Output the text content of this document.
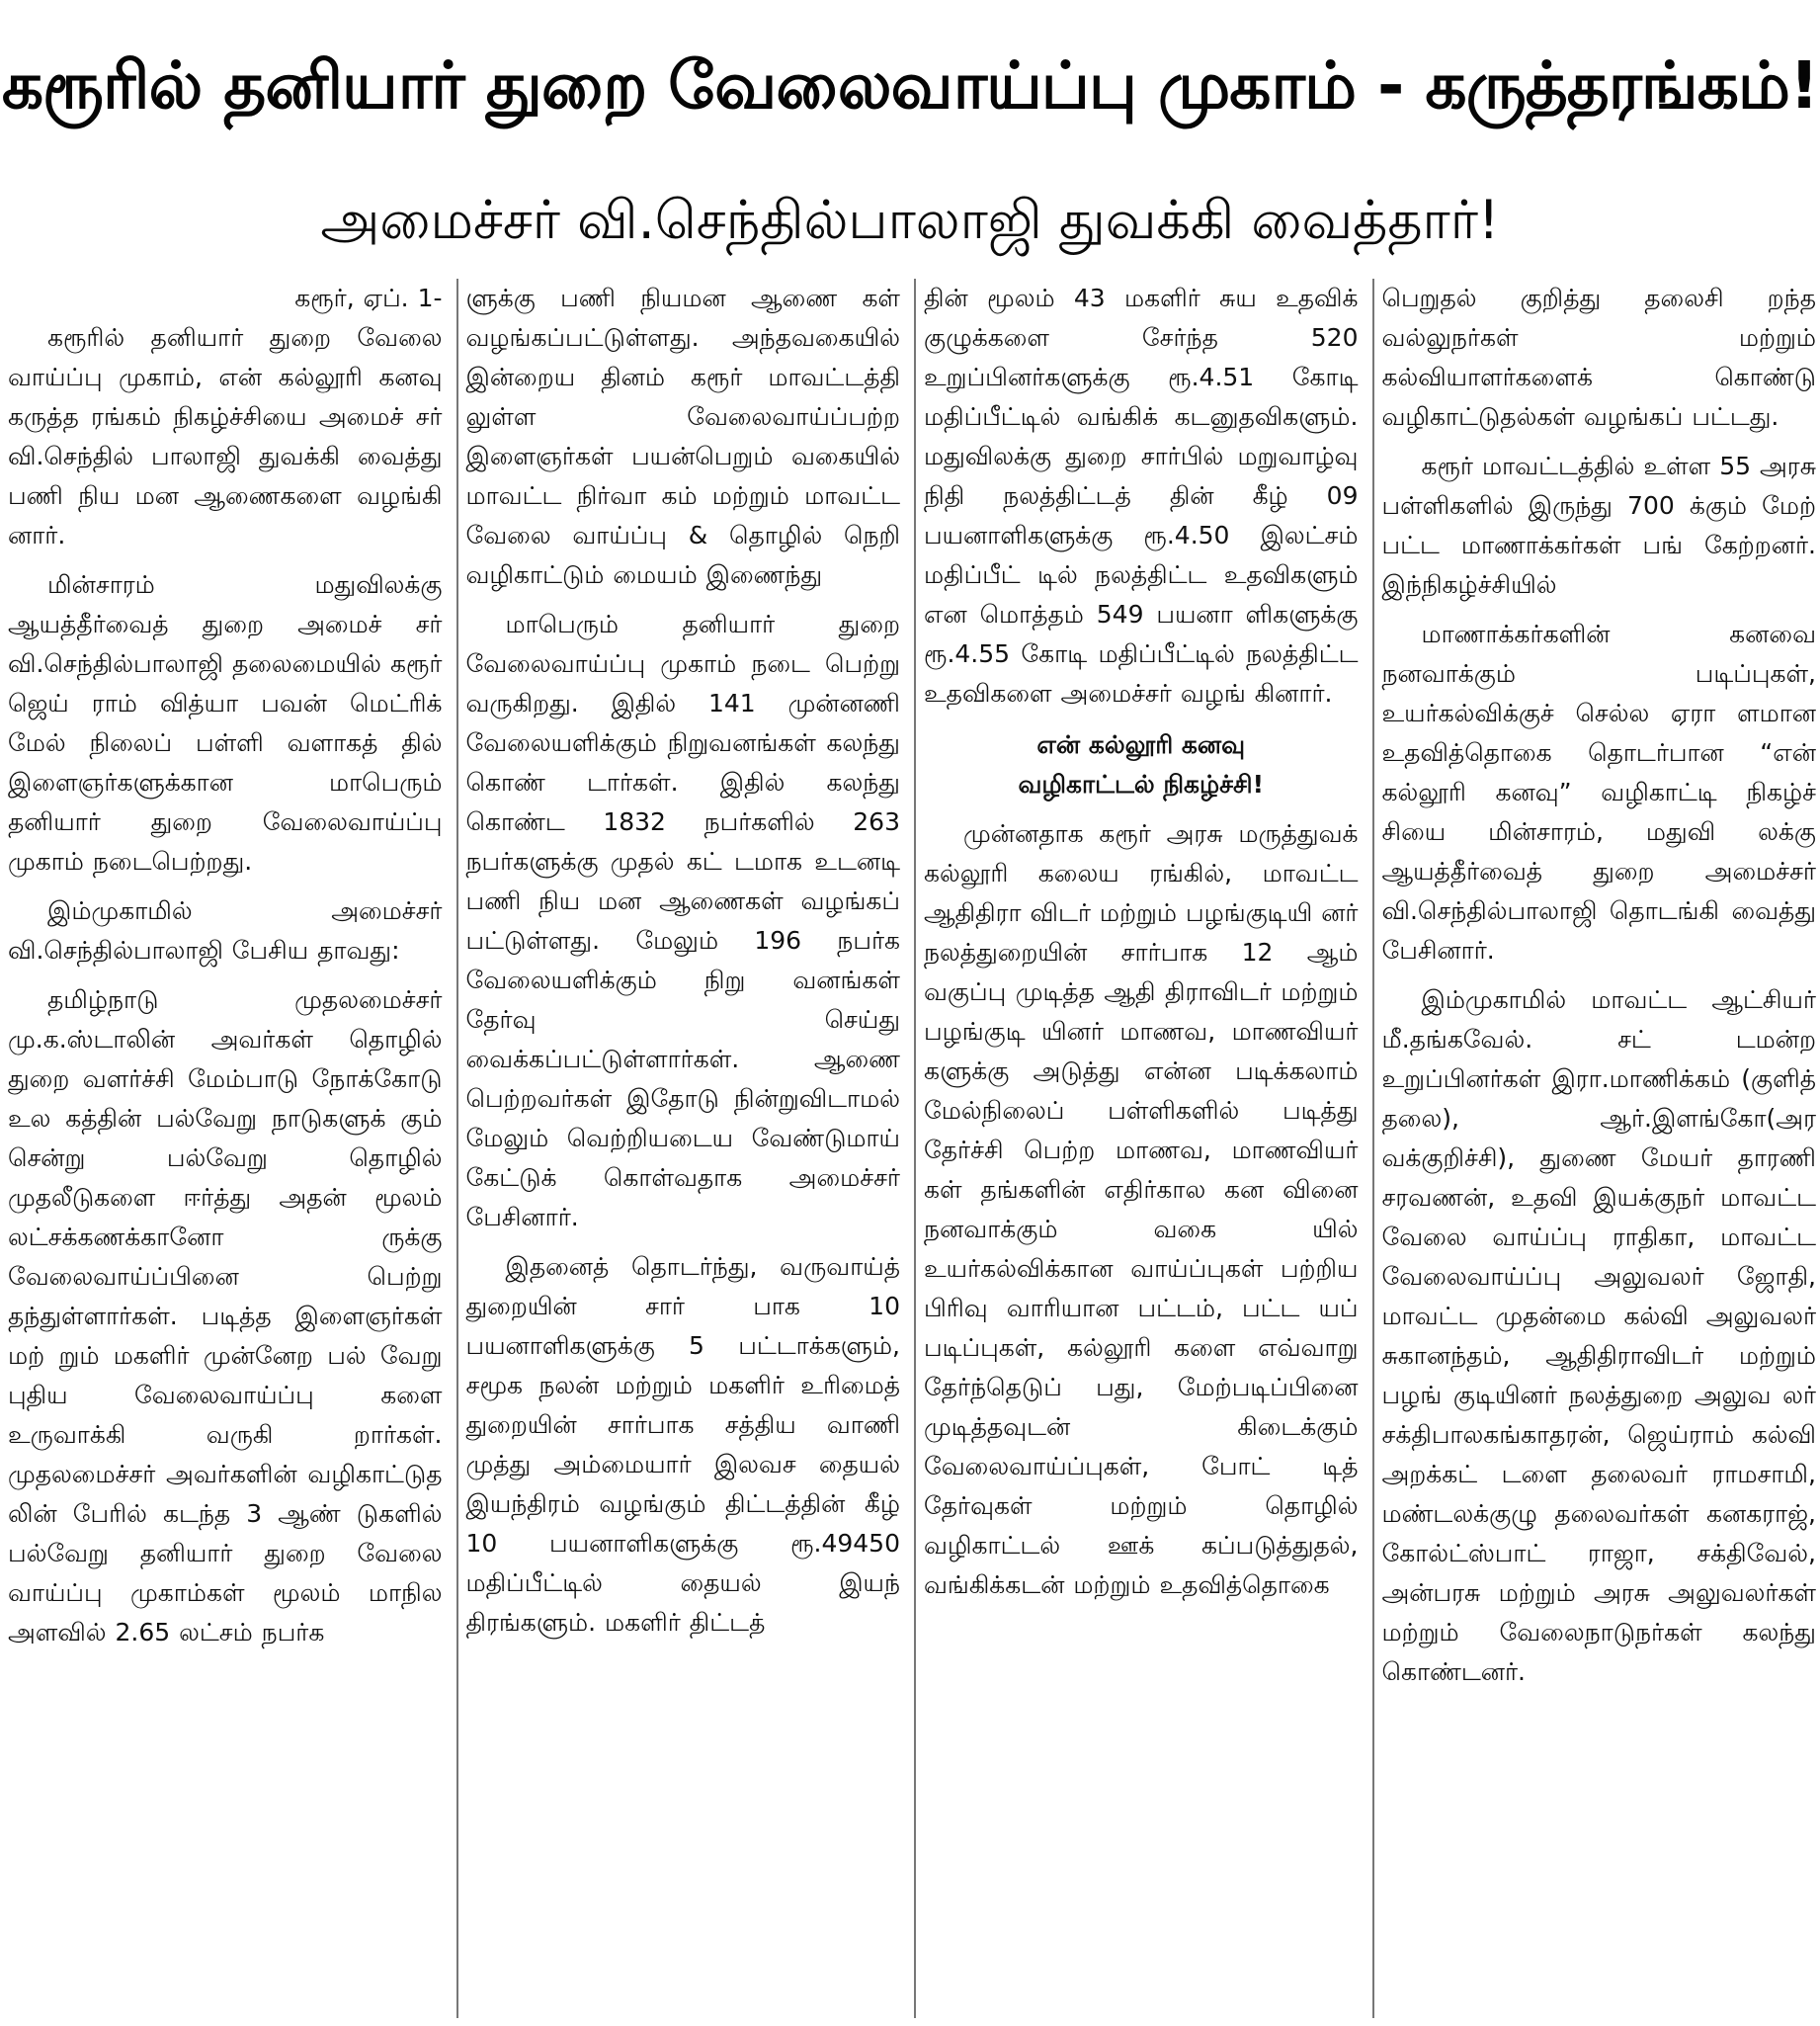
கரூரில் தனியார் துறை வேலைவாய்ப்பு முகாம் - கருத்தரங்கம்!
அமைச்சர் வி.செந்தில்பாலாஜி துவக்கி வைத்தார்!

கரூர், ஏப். 1-

கரூரில் தனியார் துறை வேலை வாய்ப்பு முகாம், என் கல்லூரி கனவு கருத்த ரங்கம் நிகழ்ச்சியை அமைச் சர் வி.செந்தில் பாலாஜி துவக்கி வைத்து பணி நிய மன ஆணைகளை வழங்கி னார்.

மின்சாரம் மதுவிலக்கு ஆயத்தீர்வைத் துறை அமைச் சர் வி.செந்தில்பாலாஜி தலைமையில் கரூர் ஜெய் ராம் வித்யா பவன் மெட்ரிக் மேல் நிலைப் பள்ளி வளாகத் தில் இளைஞர்களுக்கான மாபெரும் தனியார் துறை வேலைவாய்ப்பு முகாம் நடைபெற்றது.

இம்முகாமில் அமைச்சர் வி.செந்தில்பாலாஜி பேசிய தாவது:

தமிழ்நாடு முதலமைச்சர் மு.க.ஸ்டாலின் அவர்கள் தொழில் துறை வளர்ச்சி மேம்பாடு நோக்கோடு உல கத்தின் பல்வேறு நாடுகளுக் கும் சென்று பல்வேறு தொழில் முதலீடுகளை ஈர்த்து அதன் மூலம் லட்சக்கணக்கானோ ருக்கு வேலைவாய்ப்பினை பெற்று தந்துள்ளார்கள். படித்த இளைஞர்கள் மற் றும் மகளிர் முன்னேற பல் வேறு புதிய வேலைவாய்ப்பு களை உருவாக்கி வருகி றார்கள். முதலமைச்சர் அவர்களின் வழிகாட்டுத லின் பேரில் கடந்த 3 ஆண் டுகளில் பல்வேறு தனியார் துறை வேலை வாய்ப்பு முகாம்கள் மூலம் மாநில அளவில் 2.65 லட்சம் நபர்க

ளுக்கு பணி நியமன ஆணை கள் வழங்கப்பட்டுள்ளது. அந்தவகையில் இன்றைய தினம் கரூர் மாவட்டத்தி லுள்ள வேலைவாய்ப்பற்ற இளைஞர்கள் பயன்பெறும் வகையில் மாவட்ட நிர்வா கம் மற்றும் மாவட்ட வேலை வாய்ப்பு & தொழில் நெறி வழிகாட்டும் மையம் இணைந்து

மாபெரும் தனியார் துறை வேலைவாய்ப்பு முகாம் நடை பெற்று வருகிறது. இதில் 141 முன்னணி வேலையளிக்கும் நிறுவனங்கள் கலந்து கொண் டார்கள். இதில் கலந்து கொண்ட 1832 நபர்களில் 263 நபர்களுக்கு முதல் கட் டமாக உடனடி பணி நிய மன ஆணைகள் வழங்கப் பட்டுள்ளது. மேலும் 196 நபர்க வேலையளிக்கும் நிறு வனங்கள் தேர்வு செய்து வைக்கப்பட்டுள்ளார்கள். ஆணை பெற்றவர்கள் இதோடு நின்றுவிடாமல் மேலும் வெற்றியடைய வேண்டுமாய் கேட்டுக் கொள்வதாக அமைச்சர் பேசினார்.

இதனைத் தொடர்ந்து, வருவாய்த் துறையின் சார் பாக 10 பயனாளிகளுக்கு 5 பட்டாக்களும், சமூக நலன் மற்றும் மகளிர் உரிமைத் துறையின் சார்பாக சத்திய வாணி முத்து அம்மையார் இலவச தையல் இயந்திரம் வழங்கும் திட்டத்தின் கீழ் 10 பயனாளிகளுக்கு ரூ.49450 மதிப்பீட்டில் தையல் இயந் திரங்களும். மகளிர் திட்டத்

தின் மூலம் 43 மகளிர் சுய உதவிக் குழுக்களை சேர்ந்த 520 உறுப்பினர்களுக்கு ரூ.4.51 கோடி மதிப்பீட்டில் வங்கிக் கடனுதவிகளும். மதுவிலக்கு துறை சார்பில் மறுவாழ்வு நிதி நலத்திட்டத் தின் கீழ் 09 பயனாளிகளுக்கு ரூ.4.50 இலட்சம் மதிப்பீட் டில் நலத்திட்ட உதவிகளும் என மொத்தம் 549 பயனா ளிகளுக்கு ரூ.4.55 கோடி மதிப்பீட்டில் நலத்திட்ட உதவிகளை அமைச்சர் வழங் கினார்.

என் கல்லூரி கனவு
வழிகாட்டல் நிகழ்ச்சி!

முன்னதாக கரூர் அரசு மருத்துவக் கல்லூரி கலைய ரங்கில், மாவட்ட ஆதிதிரா விடர் மற்றும் பழங்குடியி னர் நலத்துறையின் சார்பாக 12 ஆம் வகுப்பு முடித்த ஆதி திராவிடர் மற்றும் பழங்குடி யினர் மாணவ, மாணவியர் களுக்கு அடுத்து என்ன படிக்கலாம் மேல்நிலைப் பள்ளிகளில் படித்து தேர்ச்சி பெற்ற மாணவ, மாணவியர் கள் தங்களின் எதிர்கால கன வினை நனவாக்கும் வகை யில் உயர்கல்விக்கான வாய்ப்புகள் பற்றிய பிரிவு வாரியான பட்டம், பட்ட யப் படிப்புகள், கல்லூரி களை எவ்வாறு தேர்ந்தெடுப் பது, மேற்படிப்பினை முடித்தவுடன் கிடைக்கும் வேலைவாய்ப்புகள், போட் டித் தேர்வுகள் மற்றும் தொழில் வழிகாட்டல் ஊக் கப்படுத்துதல், வங்கிக்கடன் மற்றும் உதவித்தொகை

பெறுதல் குறித்து தலைசி றந்த வல்லுநர்கள் மற்றும் கல்வியாளர்களைக் கொண்டு வழிகாட்டுதல்கள் வழங்கப் பட்டது.

கரூர் மாவட்டத்தில் உள்ள 55 அரசு பள்ளிகளில் இருந்து 700 க்கும் மேற் பட்ட மாணாக்கர்கள் பங் கேற்றனர். இந்நிகழ்ச்சியில்

மாணாக்கர்களின் கனவை நனவாக்கும் படிப்புகள், உயர்கல்விக்குச் செல்ல ஏரா ளமான உதவித்தொகை தொடர்பான “என் கல்லூரி கனவு” வழிகாட்டி நிகழ்ச் சியை மின்சாரம், மதுவி லக்கு ஆயத்தீர்வைத் துறை அமைச்சர் வி.செந்தில்பாலாஜி தொடங்கி வைத்து பேசினார்.

இம்முகாமில் மாவட்ட ஆட்சியர் மீ.தங்கவேல். சட் டமன்ற உறுப்பினர்கள் இரா.மாணிக்கம் (குளித் தலை), ஆர்.இளங்கோ(அர வக்குறிச்சி), துணை மேயர் தாரணி சரவணன், உதவி இயக்குநர் மாவட்ட வேலை வாய்ப்பு ராதிகா, மாவட்ட வேலைவாய்ப்பு அலுவலர் ஜோதி, மாவட்ட முதன்மை கல்வி அலுவலர் சுகானந்தம், ஆதிதிராவிடர் மற்றும் பழங் குடியினர் நலத்துறை அலுவ லர் சக்திபாலகங்காதரன், ஜெய்ராம் கல்வி அறக்கட் டளை தலைவர் ராமசாமி, மண்டலக்குழு தலைவர்கள் கனகராஜ், கோல்ட்ஸ்பாட் ராஜா, சக்திவேல், அன்பரசு மற்றும் அரசு அலுவலர்கள் மற்றும் வேலைநாடுநர்கள் கலந்து கொண்டனர்.
